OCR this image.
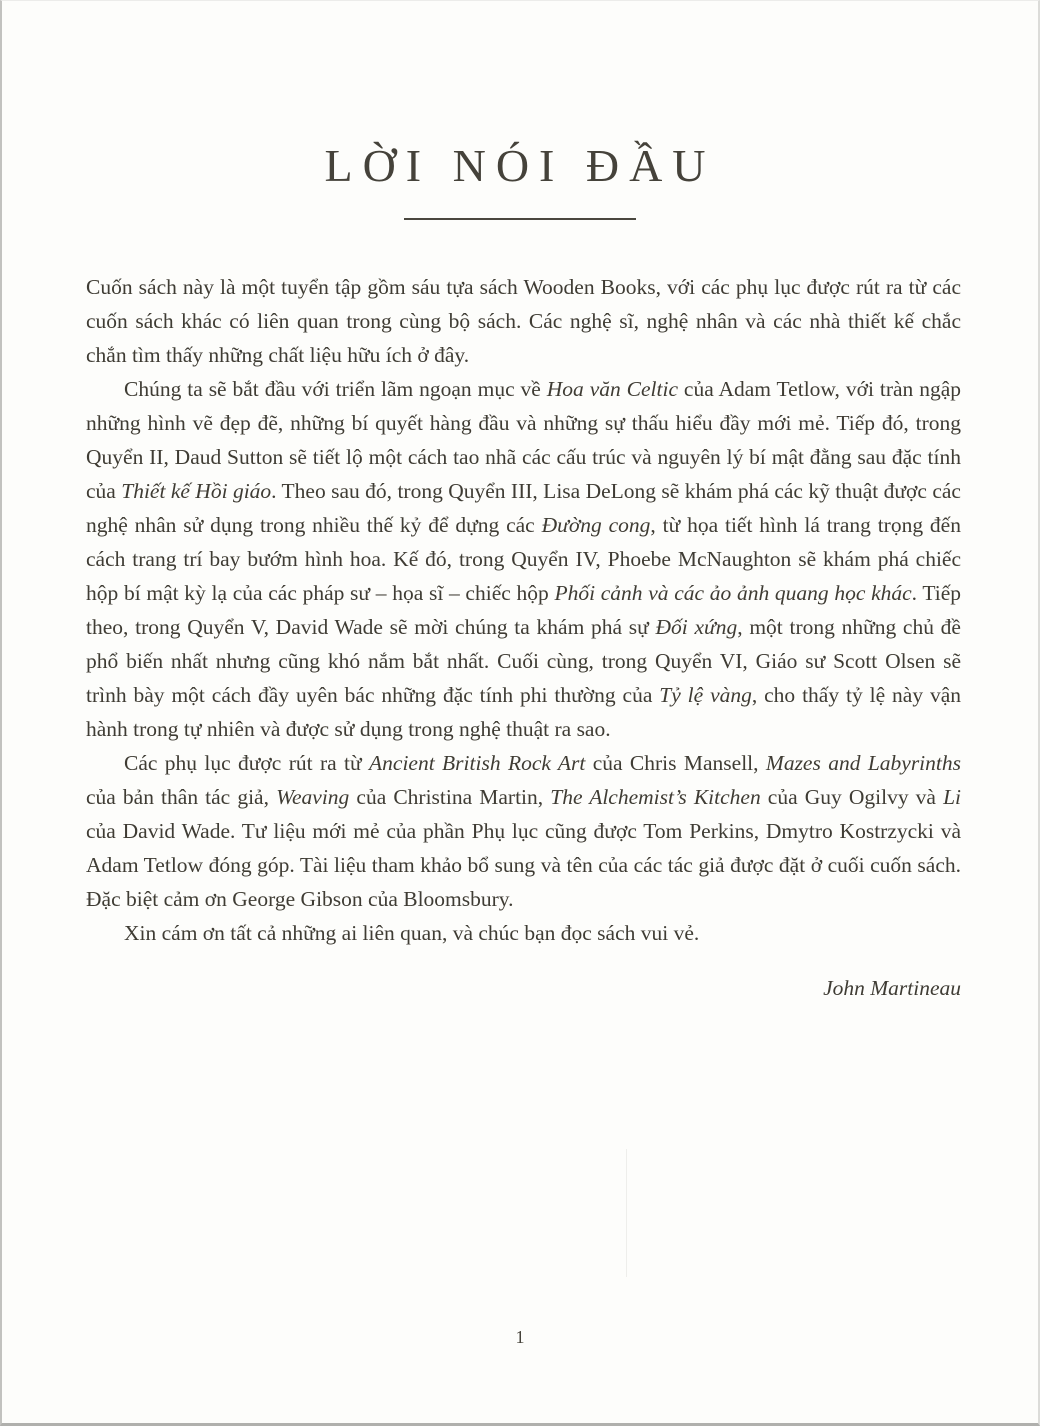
LỜI NÓI ĐẦU

Cuốn sách này là một tuyển tập gồm sáu tựa sách Wooden Books, với các phụ lục được rút ra từ các cuốn sách khác có liên quan trong cùng bộ sách. Các nghệ sĩ, nghệ nhân và các nhà thiết kế chắc chắn tìm thấy những chất liệu hữu ích ở đây.

Chúng ta sẽ bắt đầu với triển lãm ngoạn mục về Hoa văn Celtic của Adam Tetlow, với tràn ngập những hình vẽ đẹp đẽ, những bí quyết hàng đầu và những sự thấu hiểu đầy mới mẻ. Tiếp đó, trong Quyển II, Daud Sutton sẽ tiết lộ một cách tao nhã các cấu trúc và nguyên lý bí mật đằng sau đặc tính của Thiết kế Hồi giáo. Theo sau đó, trong Quyển III, Lisa DeLong sẽ khám phá các kỹ thuật được các nghệ nhân sử dụng trong nhiều thế kỷ để dựng các Đường cong, từ họa tiết hình lá trang trọng đến cách trang trí bay bướm hình hoa. Kế đó, trong Quyển IV, Phoebe McNaughton sẽ khám phá chiếc hộp bí mật kỳ lạ của các pháp sư – họa sĩ – chiếc hộp Phối cảnh và các ảo ảnh quang học khác. Tiếp theo, trong Quyển V, David Wade sẽ mời chúng ta khám phá sự Đối xứng, một trong những chủ đề phổ biến nhất nhưng cũng khó nắm bắt nhất. Cuối cùng, trong Quyển VI, Giáo sư Scott Olsen sẽ trình bày một cách đầy uyên bác những đặc tính phi thường của Tỷ lệ vàng, cho thấy tỷ lệ này vận hành trong tự nhiên và được sử dụng trong nghệ thuật ra sao.

Các phụ lục được rút ra từ Ancient British Rock Art của Chris Mansell, Mazes and Labyrinths của bản thân tác giả, Weaving của Christina Martin, The Alchemist’s Kitchen của Guy Ogilvy và Li của David Wade. Tư liệu mới mẻ của phần Phụ lục cũng được Tom Perkins, Dmytro Kostrzycki và Adam Tetlow đóng góp. Tài liệu tham khảo bổ sung và tên của các tác giả được đặt ở cuối cuốn sách. Đặc biệt cảm ơn George Gibson của Bloomsbury.

Xin cám ơn tất cả những ai liên quan, và chúc bạn đọc sách vui vẻ.

John Martineau
1
